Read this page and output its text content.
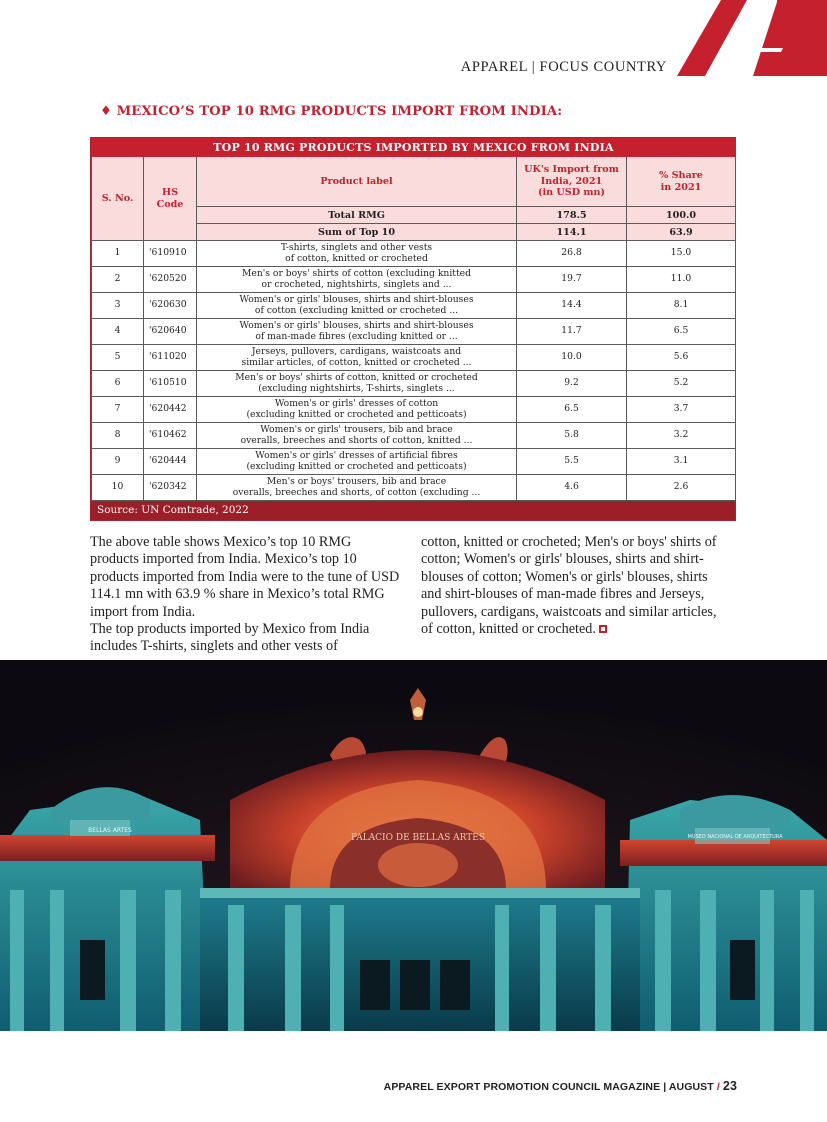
APPAREL | FOCUS COUNTRY
♦ MEXICO’S TOP 10 RMG PRODUCTS IMPORT FROM INDIA:
TOP 10 RMG PRODUCTS IMPORTED BY MEXICO FROM INDIA				
S. No.	HS
Code	Product label	UK's Import from
India, 2021
(in USD mn)	% Share
in 2021
		Total RMG	178.5	100.0
		Sum of Top 10	114.1	63.9
1	'610910	T-shirts, singlets and other vests
of cotton, knitted or crocheted	26.8	15.0
2	'620520	Men's or boys' shirts of cotton (excluding knitted
or crocheted, nightshirts, singlets and ...	19.7	11.0
3	'620630	Women's or girls' blouses, shirts and shirt-blouses
of cotton (excluding knitted or crocheted ...	14.4	8.1
4	'620640	Women's or girls' blouses, shirts and shirt-blouses
of man-made fibres (excluding knitted or ...	11.7	6.5
5	'611020	Jerseys, pullovers, cardigans, waistcoats and
similar articles, of cotton, knitted or crocheted ...	10.0	5.6
6	'610510	Men's or boys' shirts of cotton, knitted or crocheted
(excluding nightshirts, T-shirts, singlets ...	9.2	5.2
7	'620442	Women's or girls' dresses of cotton
(excluding knitted or crocheted and petticoats)	6.5	3.7
8	'610462	Women's or girls' trousers, bib and brace
overalls, breeches and shorts of cotton, knitted ...	5.8	3.2
9	'620444	Women's or girls' dresses of artificial fibres
(excluding knitted or crocheted and petticoats)	5.5	3.1
10	'620342	Men's or boys' trousers, bib and brace
overalls, breeches and shorts, of cotton (excluding ...	4.6	2.6
Source: UN Comtrade, 2022

The above table shows Mexico’s top 10 RMG products imported from India. Mexico’s top 10 products imported from India were to the tune of USD 114.1 mn with 63.9 % share in Mexico’s total RMG import from India.

The top products imported by Mexico from India includes T-shirts, singlets and other vests of

cotton, knitted or crocheted; Men's or boys' shirts of cotton; Women's or girls' blouses, shirts and shirt-blouses of cotton; Women's or girls' blouses, shirts and shirt-blouses of man-made fibres and Jerseys, pullovers, cardigans, waistcoats and similar articles, of cotton, knitted or crocheted.

PALACIO DE BELLAS ARTES
BELLAS ARTES
MUSEO NACIONAL DE ARQUITECTURA
APPAREL EXPORT PROMOTION COUNCIL MAGAZINE | AUGUST / 23
